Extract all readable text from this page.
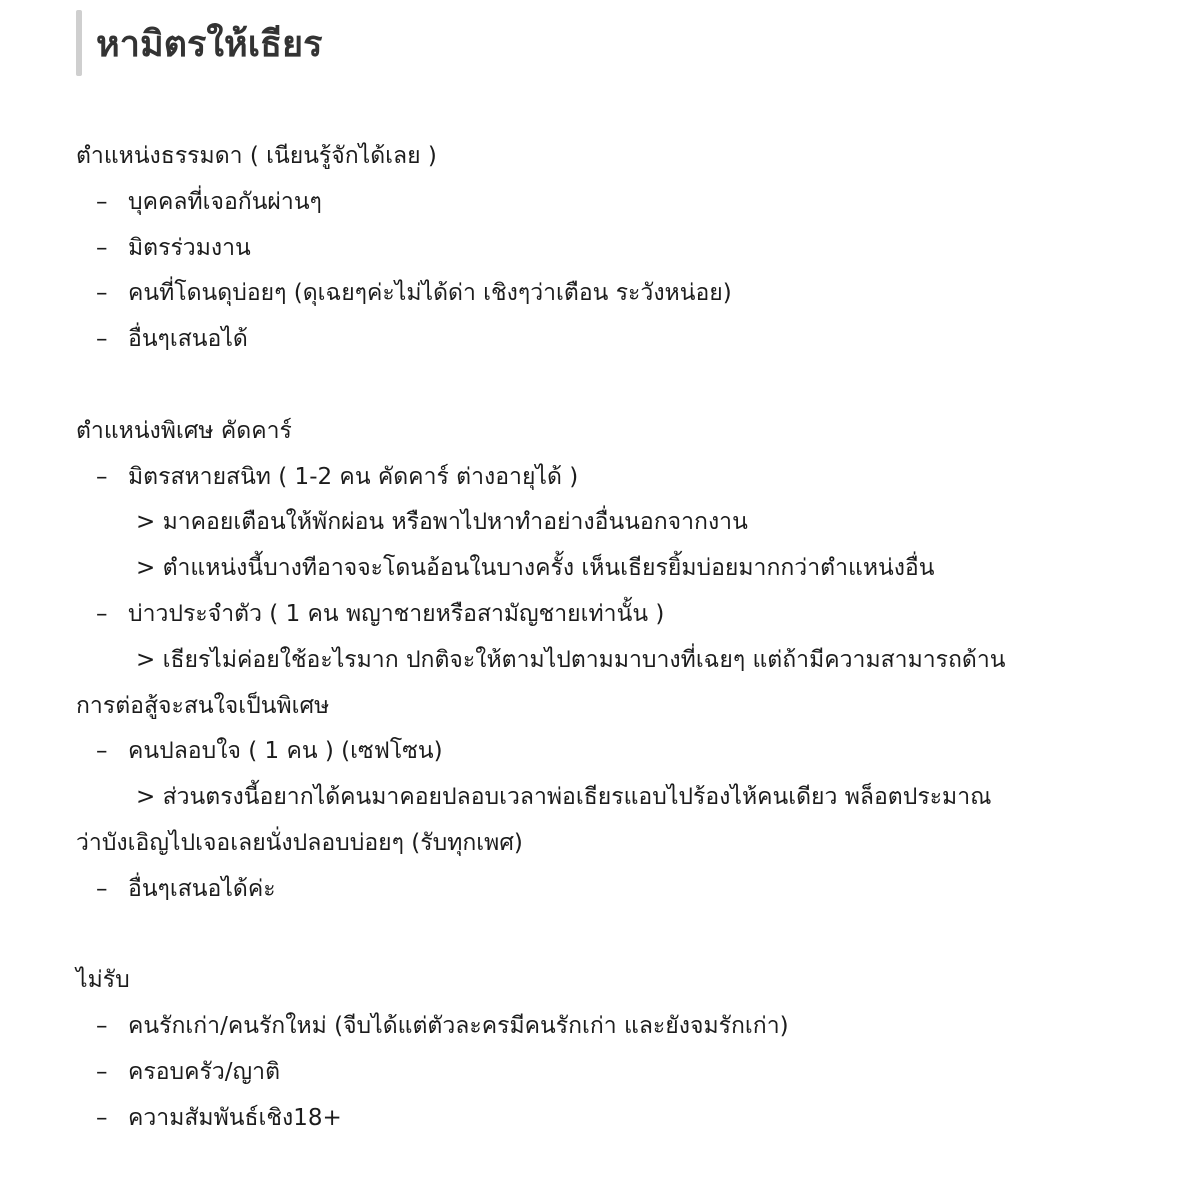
หามิตรให้เธียร
ตำแหน่งธรรมดา ( เนียนรู้จักได้เลย )
– บุคคลที่เจอกันผ่านๆ
– มิตรร่วมงาน
– คนที่โดนดุบ่อยๆ (ดุเฉยๆค่ะไม่ได้ด่า เชิงๆว่าเตือน ระวังหน่อย)
– อื่นๆเสนอได้
ตำแหน่งพิเศษ คัดคาร์
– มิตรสหายสนิท ( 1-2 คน คัดคาร์ ต่างอายุได้ )
> มาคอยเตือนให้พักผ่อน หรือพาไปหาทำอย่างอื่นนอกจากงาน
> ตำแหน่งนี้บางทีอาจจะโดนอ้อนในบางครั้ง เห็นเธียรยิ้มบ่อยมากกว่าตำแหน่งอื่น
– บ่าวประจำตัว ( 1 คน พญาชายหรือสามัญชายเท่านั้น )
> เธียรไม่ค่อยใช้อะไรมาก ปกติจะให้ตามไปตามมาบางที่เฉยๆ แต่ถ้ามีความสามารถด้าน
การต่อสู้จะสนใจเป็นพิเศษ
– คนปลอบใจ ( 1 คน ) (เซฟโซน)
> ส่วนตรงนี้อยากได้คนมาคอยปลอบเวลาพ่อเธียรแอบไปร้องไห้คนเดียว พล็อตประมาณ
ว่าบังเอิญไปเจอเลยนั่งปลอบบ่อยๆ (รับทุกเพศ)
– อื่นๆเสนอได้ค่ะ
ไม่รับ
– คนรักเก่า/คนรักใหม่ (จีบได้แต่ตัวละครมีคนรักเก่า และยังจมรักเก่า)
– ครอบครัว/ญาติ
– ความสัมพันธ์เชิง18+
